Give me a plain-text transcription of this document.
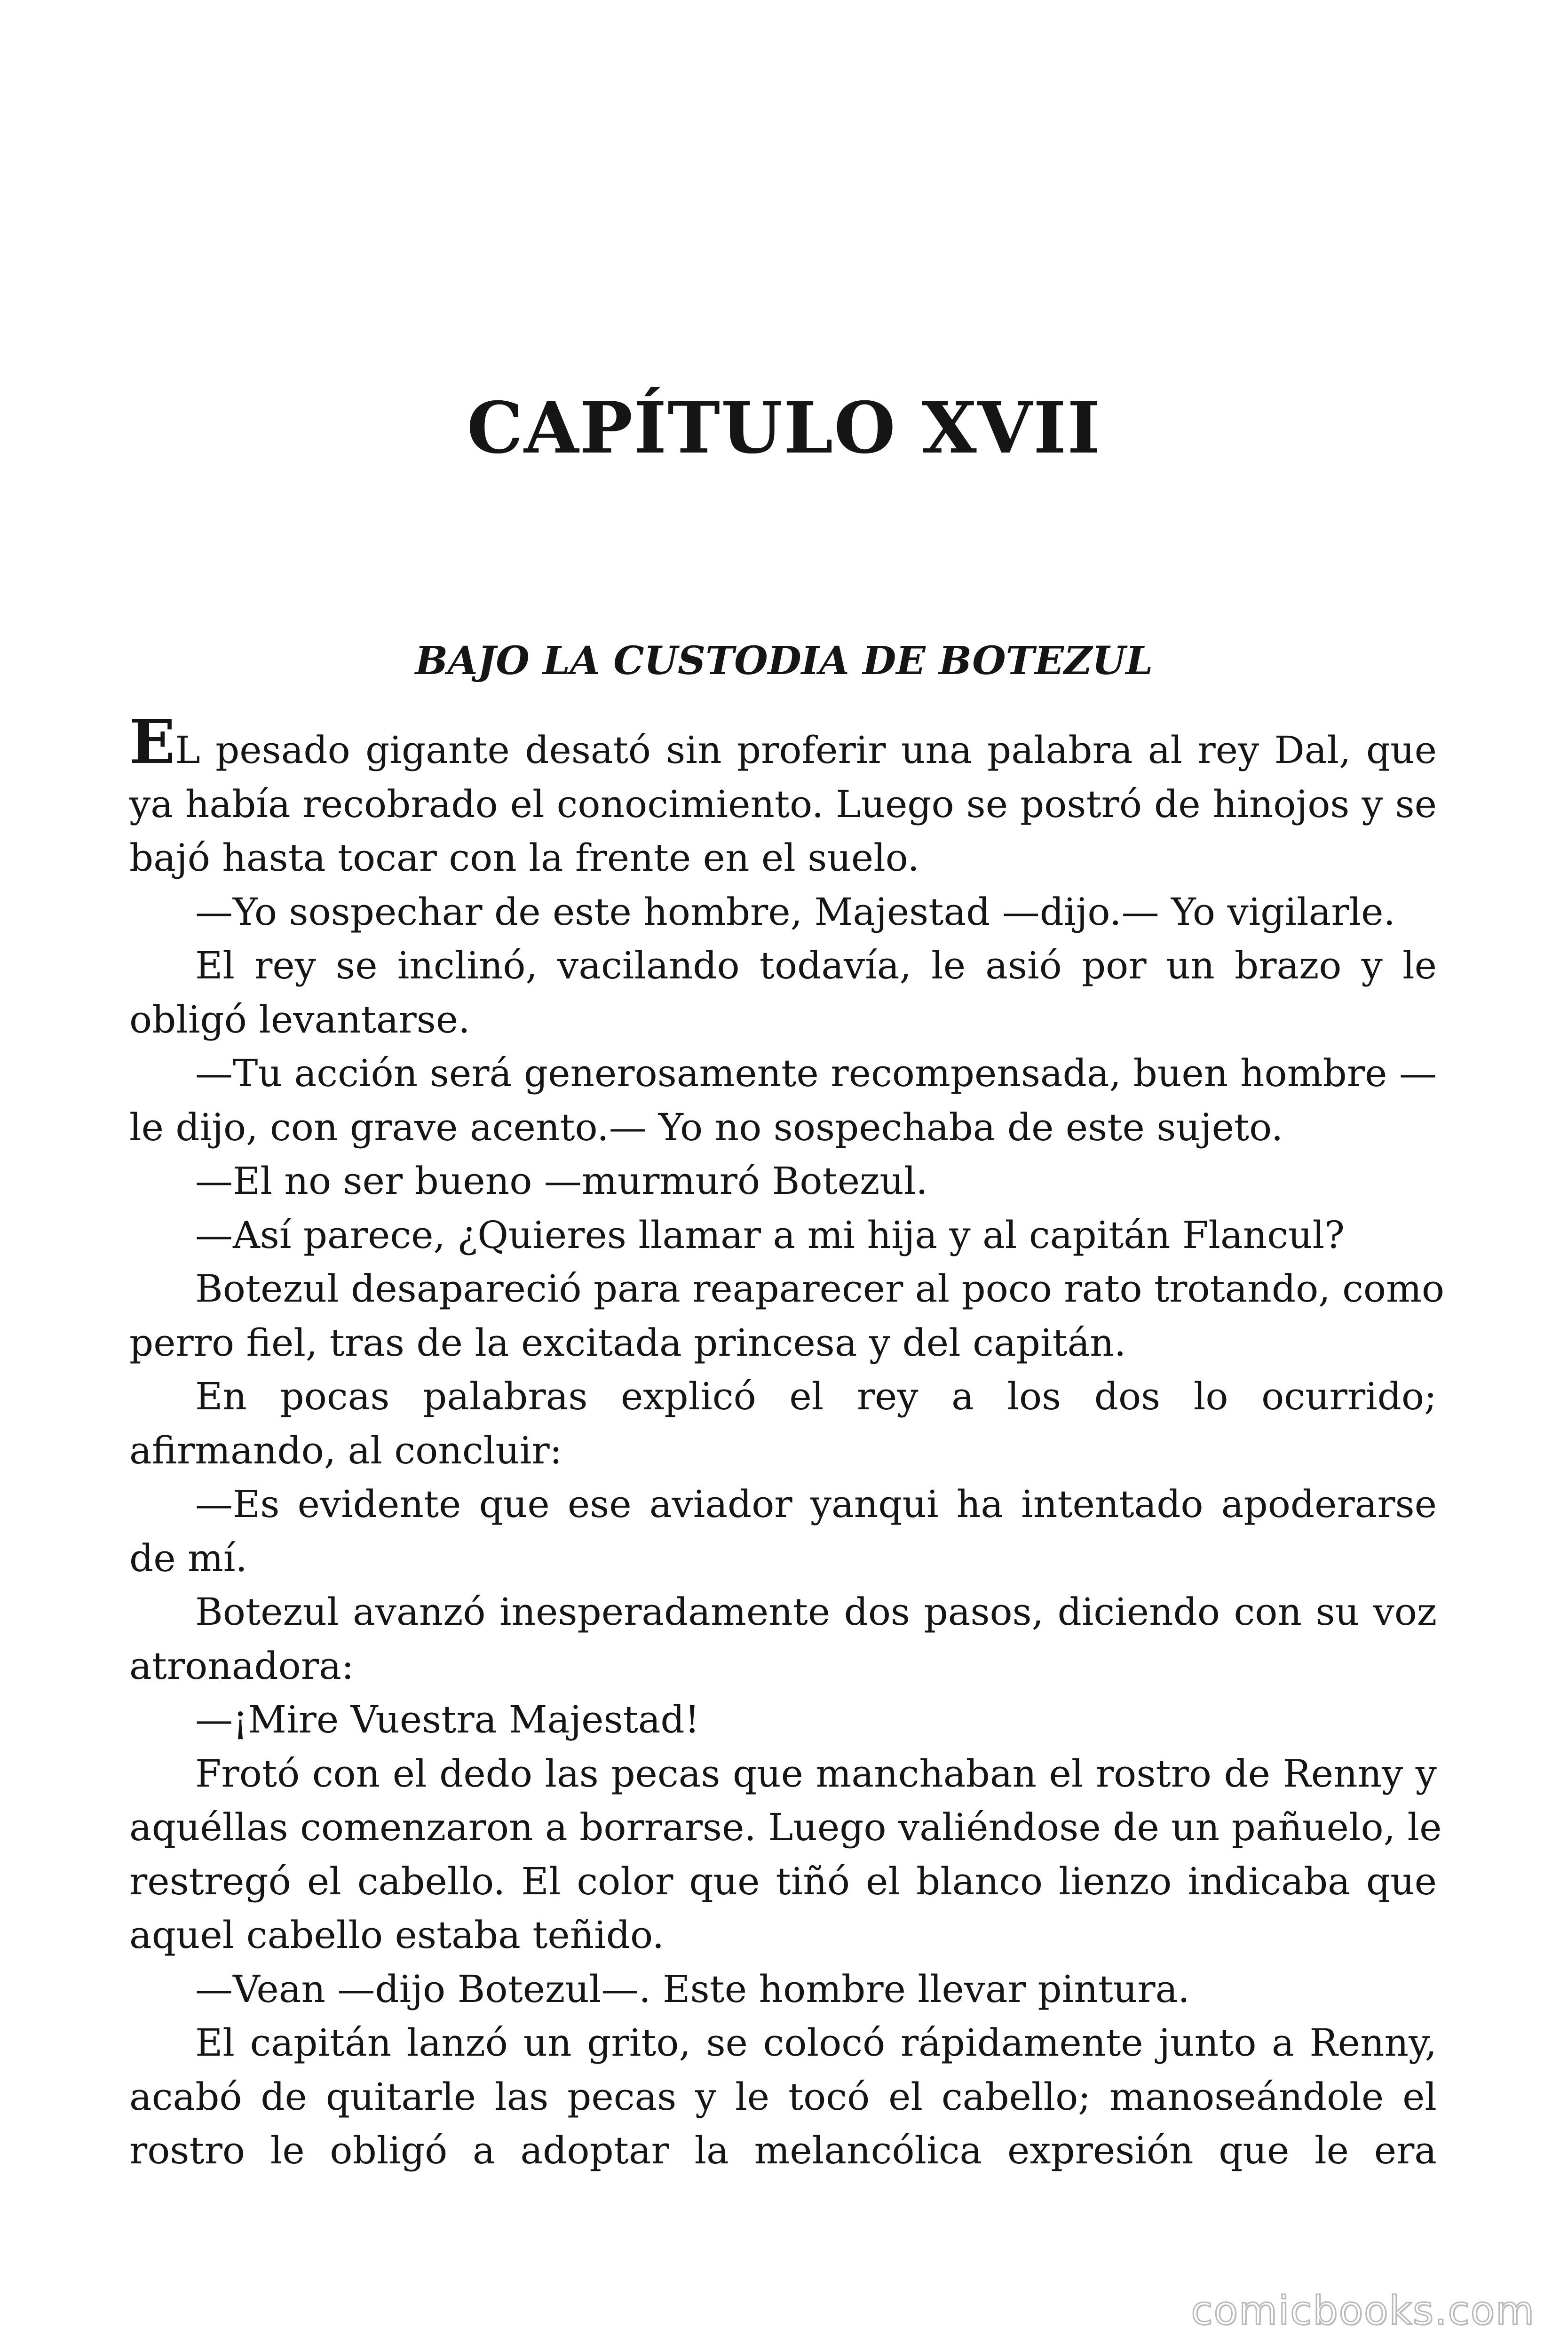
CAPÍTULO XVII
BAJO LA CUSTODIA DE BOTEZUL
EL pesado gigante desató sin proferir una palabra al rey Dal, que
ya había recobrado el conocimiento. Luego se postró de hinojos y se
bajó hasta tocar con la frente en el suelo.
—Yo sospechar de este hombre, Majestad —dijo.— Yo vigilarle.
El rey se inclinó, vacilando todavía, le asió por un brazo y le
obligó levantarse.
—Tu acción será generosamente recompensada, buen hombre —
le dijo, con grave acento.— Yo no sospechaba de este sujeto.
—El no ser bueno —murmuró Botezul.
—Así parece, ¿Quieres llamar a mi hija y al capitán Flancul?
Botezul desapareció para reaparecer al poco rato trotando, como
perro fiel, tras de la excitada princesa y del capitán.
En pocas palabras explicó el rey a los dos lo ocurrido;
afirmando, al concluir:
—Es evidente que ese aviador yanqui ha intentado apoderarse
de mí.
Botezul avanzó inesperadamente dos pasos, diciendo con su voz
atronadora:
—¡Mire Vuestra Majestad!
Frotó con el dedo las pecas que manchaban el rostro de Renny y
aquéllas comenzaron a borrarse. Luego valiéndose de un pañuelo, le
restregó el cabello. El color que tiñó el blanco lienzo indicaba que
aquel cabello estaba teñido.
—Vean —dijo Botezul—. Este hombre llevar pintura.
El capitán lanzó un grito, se colocó rápidamente junto a Renny,
acabó de quitarle las pecas y le tocó el cabello; manoseándole el
rostro le obligó a adoptar la melancólica expresión que le era
comicbooks.com
